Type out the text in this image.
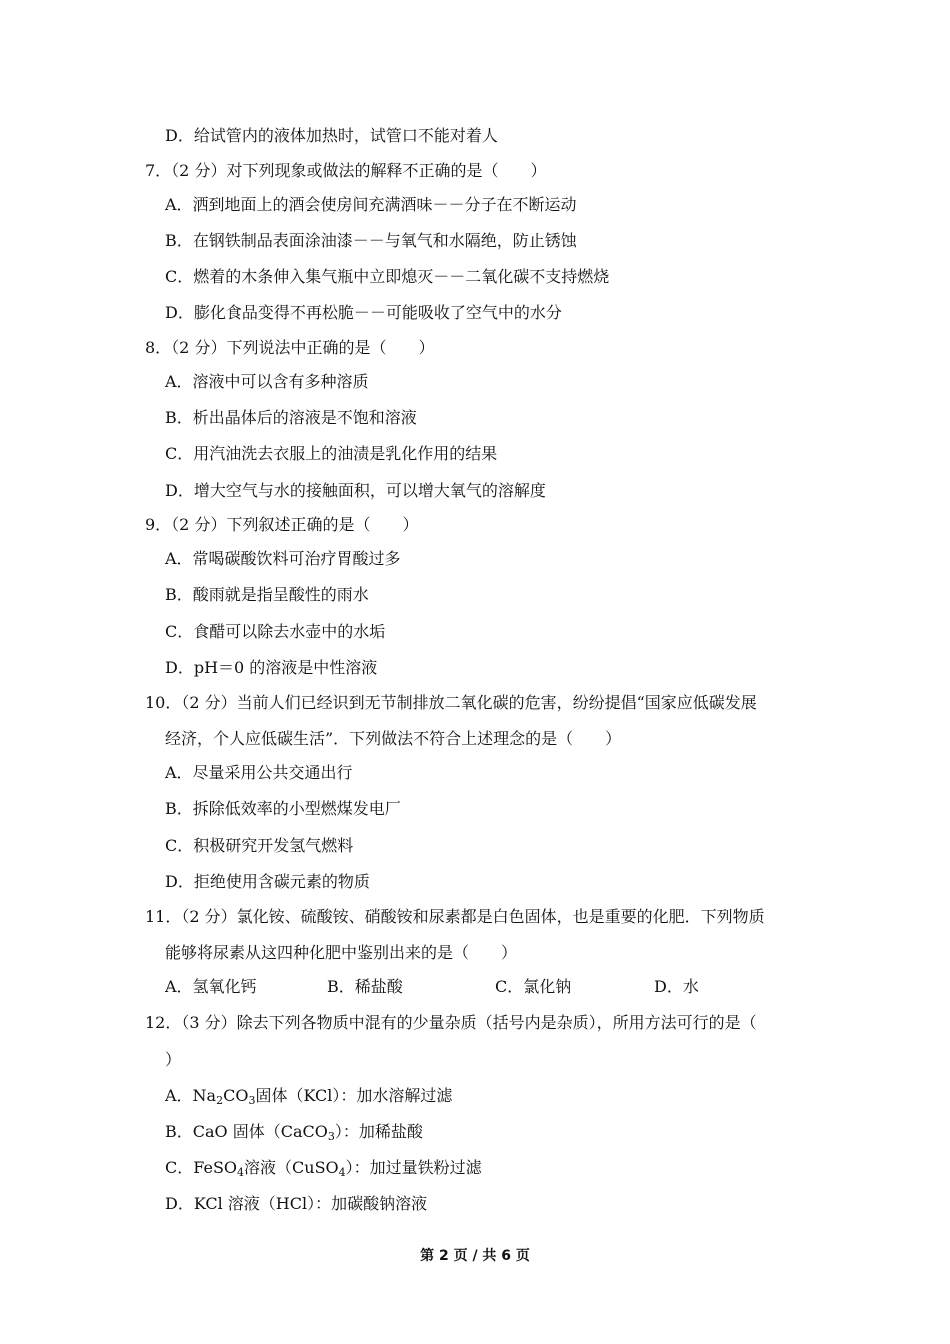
D．给试管内的液体加热时，试管口不能对着人
7．（2 分）对下列现象或做法的解释不正确的是（　　）
A．洒到地面上的酒会使房间充满酒味－－分子在不断运动
B．在钢铁制品表面涂油漆－－与氧气和水隔绝，防止锈蚀
C．燃着的木条伸入集气瓶中立即熄灭－－二氧化碳不支持燃烧
D．膨化食品变得不再松脆－－可能吸收了空气中的水分
8．（2 分）下列说法中正确的是（　　）
A．溶液中可以含有多种溶质
B．析出晶体后的溶液是不饱和溶液
C．用汽油洗去衣服上的油渍是乳化作用的结果
D．增大空气与水的接触面积，可以增大氧气的溶解度
9．（2 分）下列叙述正确的是（　　）
A．常喝碳酸饮料可治疗胃酸过多
B．酸雨就是指呈酸性的雨水
C．食醋可以除去水壶中的水垢
D．pH＝0 的溶液是中性溶液
10．（2 分）当前人们已经识到无节制排放二氧化碳的危害，纷纷提倡“国家应低碳发展
经济，个人应低碳生活”．下列做法不符合上述理念的是（　　）
A．尽量采用公共交通出行
B．拆除低效率的小型燃煤发电厂
C．积极研究开发氢气燃料
D．拒绝使用含碳元素的物质
11．（2 分）氯化铵、硫酸铵、硝酸铵和尿素都是白色固体，也是重要的化肥．下列物质
能够将尿素从这四种化肥中鉴别出来的是（　　）
A．氢氧化钙	B．稀盐酸	C．氯化钠	D．水
12．（3 分）除去下列各物质中混有的少量杂质（括号内是杂质），所用方法可行的是（
）
A．$Na_2CO_3$固体（KCl）：加水溶解过滤
B．CaO 固体（CaCO$_3$）：加稀盐酸
C．FeSO$_4$溶液（CuSO$_4$）：加过量铁粉过滤
D．KCl 溶液（HCl）：加碳酸钠溶液
第 2 页 / 共 6 页
